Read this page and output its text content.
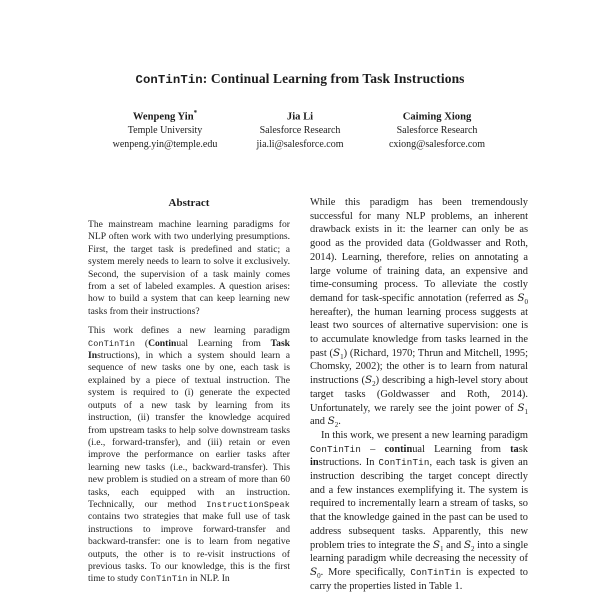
ConTinTin: Continual Learning from Task Instructions
Wenpeng Yin*
Temple University
wenpeng.yin@temple.edu
Jia Li
Salesforce Research
jia.li@salesforce.com
Caiming Xiong
Salesforce Research
cxiong@salesforce.com
Abstract

The mainstream machine learning paradigms for NLP often work with two underlying presumptions. First, the target task is predefined and static; a system merely needs to learn to solve it exclusively. Second, the supervision of a task mainly comes from a set of labeled examples. A question arises: how to build a system that can keep learning new tasks from their instructions?

This work defines a new learning paradigm ConTinTin (Continual Learning from Task Instructions), in which a system should learn a sequence of new tasks one by one, each task is explained by a piece of textual instruction. The system is required to (i) generate the expected outputs of a new task by learning from its instruction, (ii) transfer the knowledge acquired from upstream tasks to help solve downstream tasks (i.e., forward-transfer), and (iii) retain or even improve the performance on earlier tasks after learning new tasks (i.e., backward-transfer). This new problem is studied on a stream of more than 60 tasks, each equipped with an instruction. Technically, our method InstructionSpeak contains two strategies that make full use of task instructions to improve forward-transfer and backward-transfer: one is to learn from negative outputs, the other is to re-visit instructions of previous tasks. To our knowledge, this is the first time to study ConTinTin in NLP. In

While this paradigm has been tremendously successful for many NLP problems, an inherent drawback exists in it: the learner can only be as good as the provided data (Goldwasser and Roth, 2014). Learning, therefore, relies on annotating a large volume of training data, an expensive and time-consuming process. To alleviate the costly demand for task-specific annotation (referred as $S_0$ hereafter), the human learning process suggests at least two sources of alternative supervision: one is to accumulate knowledge from tasks learned in the past $(S_1)$ (Richard, 1970; Thrun and Mitchell, 1995; Chomsky, 2002); the other is to learn from natural instructions $(S_2)$ describing a high-level story about target tasks (Goldwasser and Roth, 2014). Unfortunately, we rarely see the joint power of $S_1$ and $S_2$.

In this work, we present a new learning paradigm ConTinTin – continual Learning from task instructions. In ConTinTin, each task is given an instruction describing the target concept directly and a few instances exemplifying it. The system is required to incrementally learn a stream of tasks, so that the knowledge gained in the past can be used to address subsequent tasks. Apparently, this new problem tries to integrate the $S_1$ and $S_2$ into a single learning paradigm while decreasing the necessity of $S_0$. More specifically, ConTinTin is expected to carry the properties listed in Table 1.
